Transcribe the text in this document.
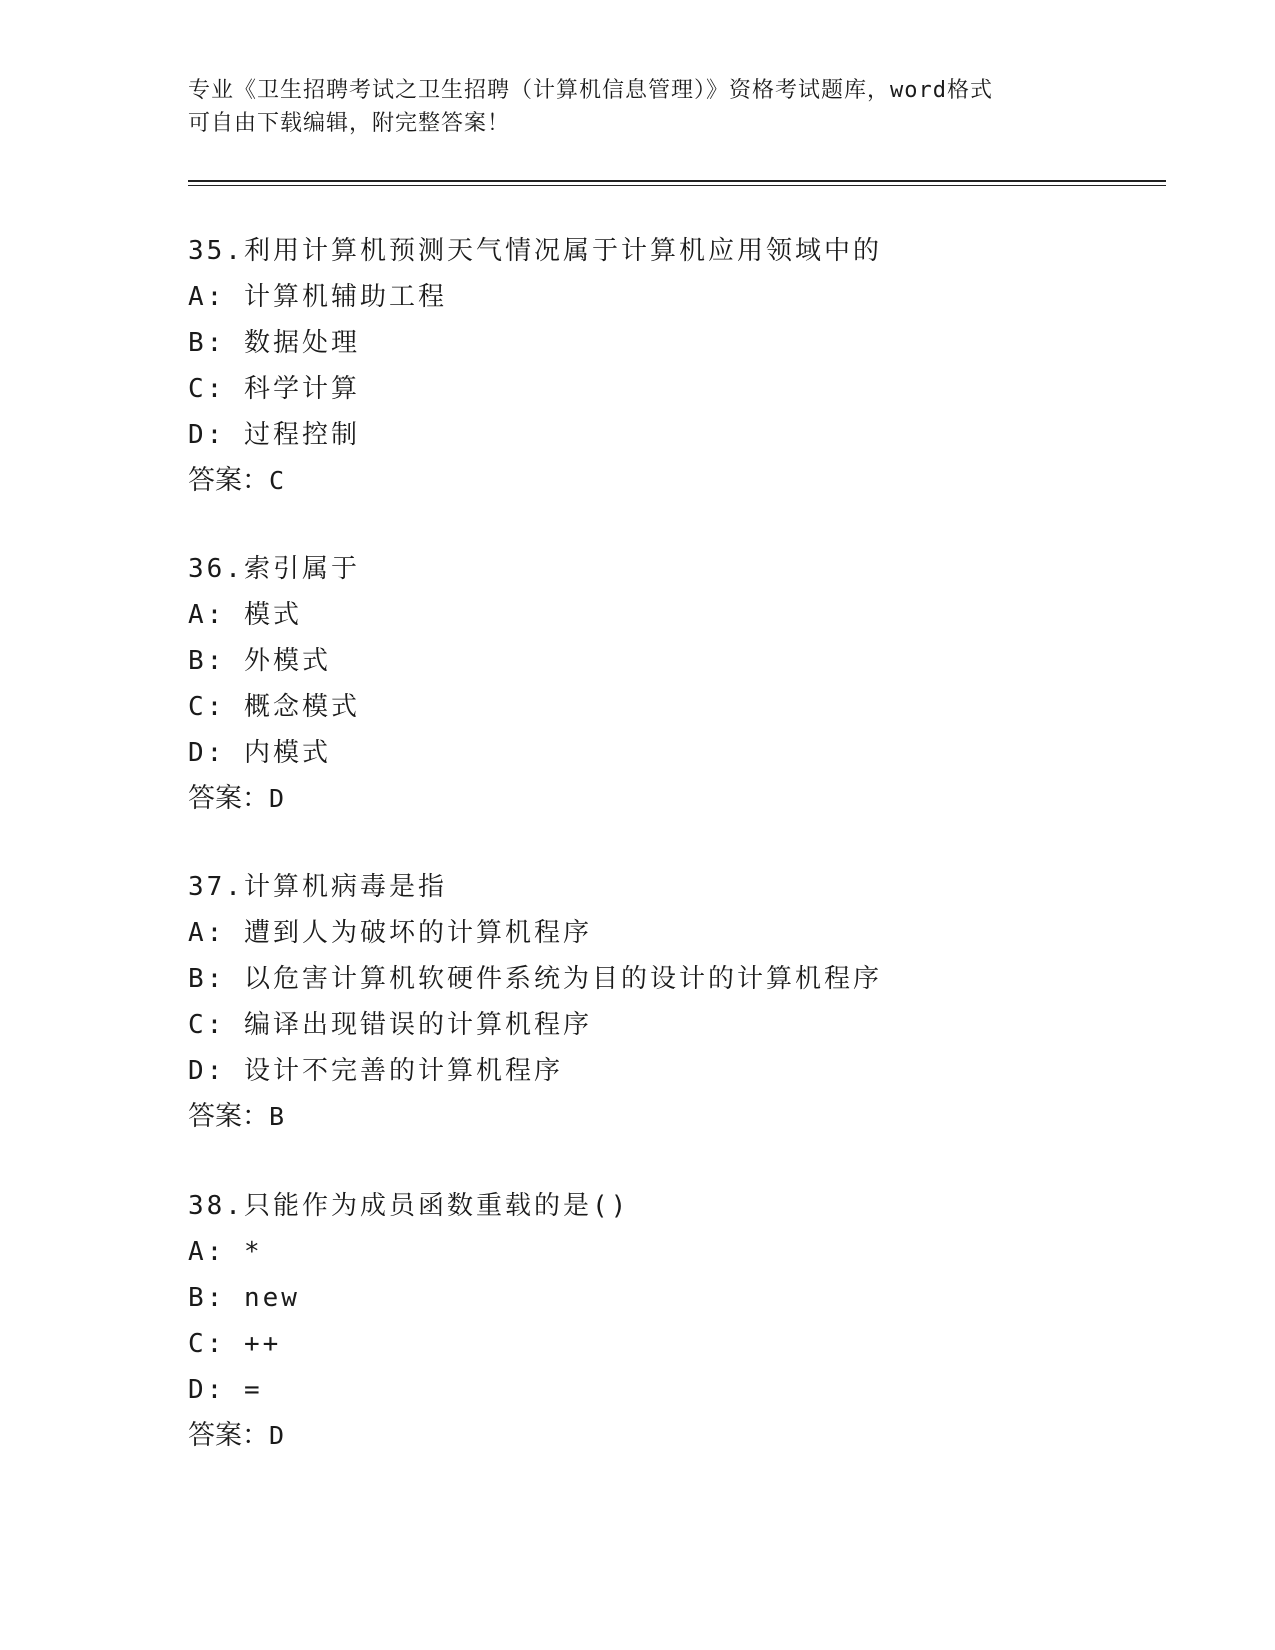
专业《卫生招聘考试之卫生招聘（计算机信息管理）》资格考试题库，word格式
可自由下载编辑，附完整答案！
35.利用计算机预测天气情况属于计算机应用领域中的
A: 计算机辅助工程
B: 数据处理
C: 科学计算
D: 过程控制
答案：C
36.索引属于
A: 模式
B: 外模式
C: 概念模式
D: 内模式
答案：D
37.计算机病毒是指
A: 遭到人为破坏的计算机程序
B: 以危害计算机软硬件系统为目的设计的计算机程序
C: 编译出现错误的计算机程序
D: 设计不完善的计算机程序
答案：B
38.只能作为成员函数重载的是()
A: *
B: new
C: ++
D: =
答案：D
